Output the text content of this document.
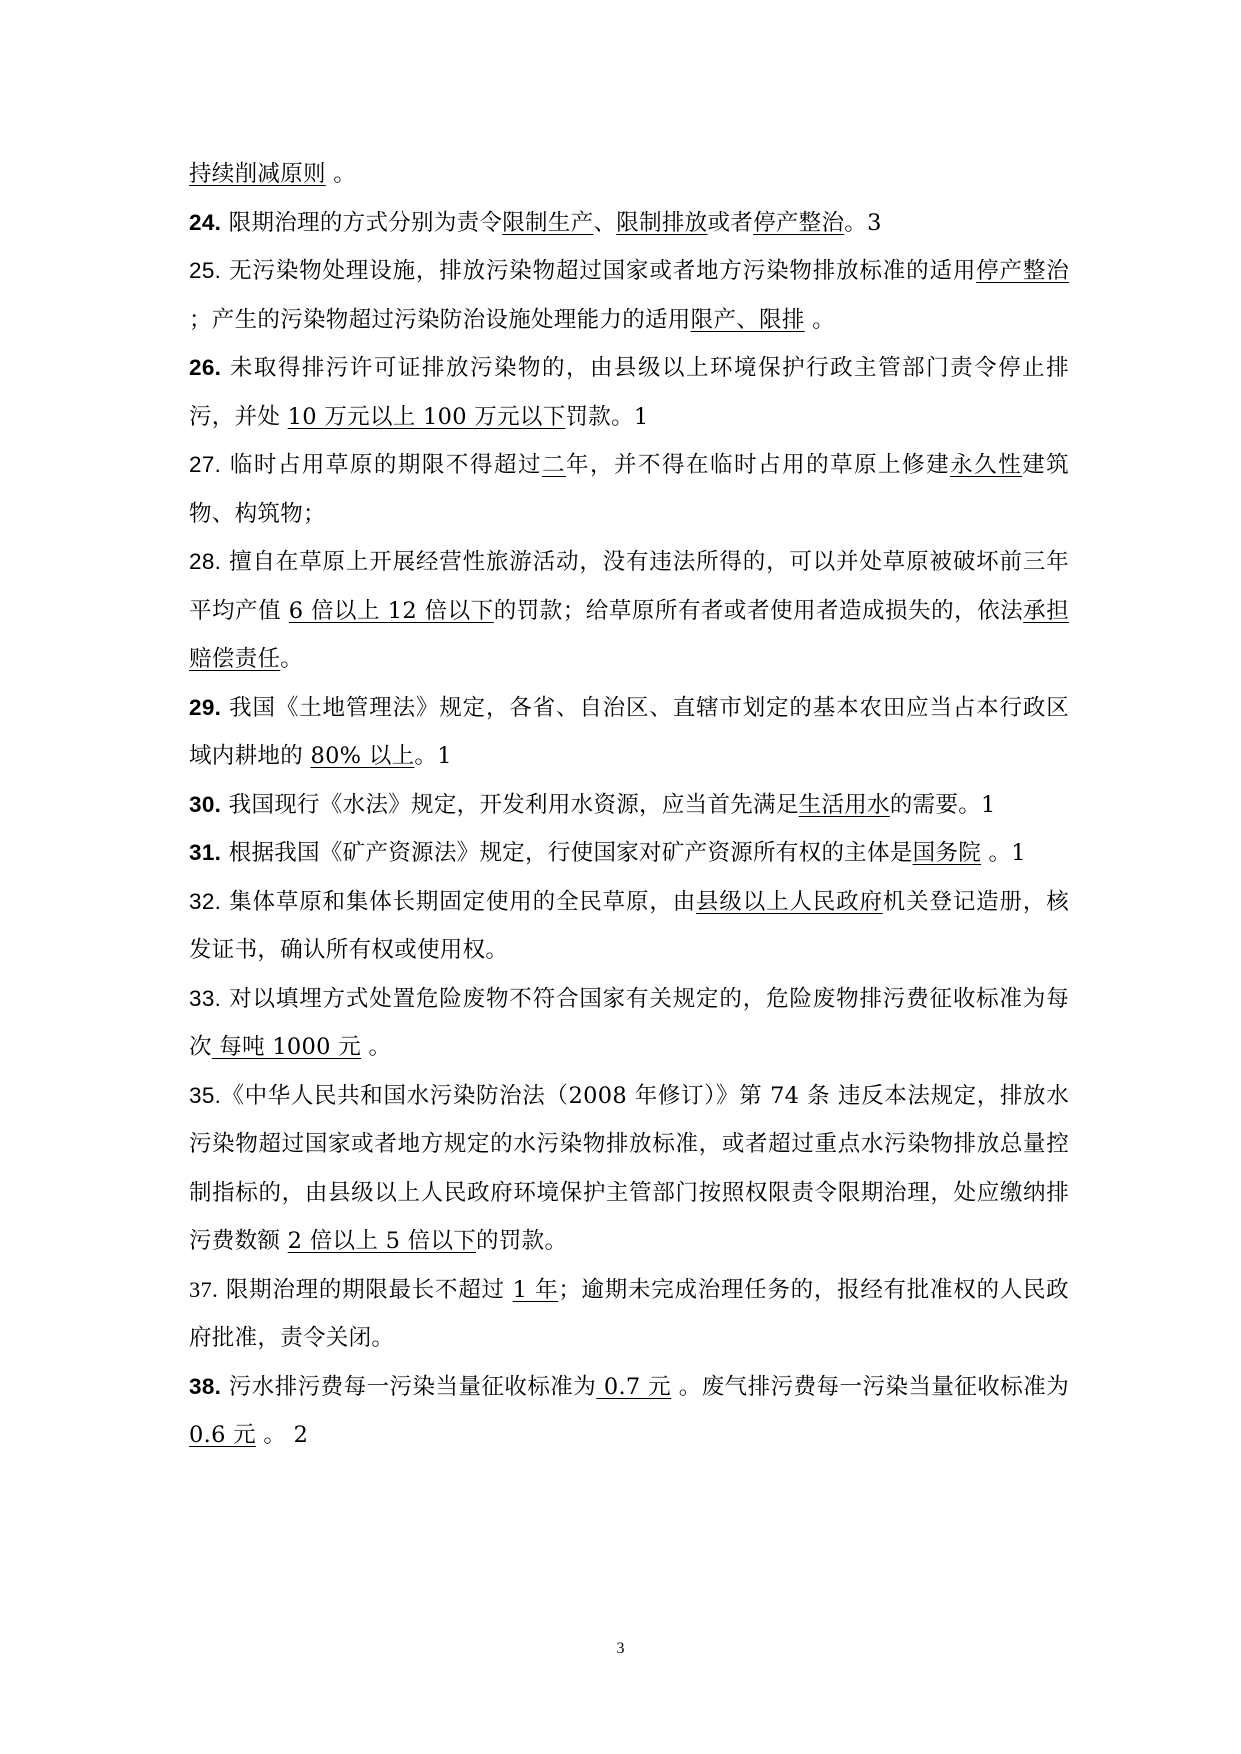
持续削减原则 。

24. 限期治理的方式分别为责令限制生产、限制排放或者停产整治。3

25. 无污染物处理设施，排放污染物超过国家或者地方污染物排放标准的适用停产整治 ；产生的污染物超过污染防治设施处理能力的适用限产、限排 。

26. 未取得排污许可证排放污染物的，由县级以上环境保护行政主管部门责令停止排污，并处 10 万元以上 100 万元以下罚款。1

27. 临时占用草原的期限不得超过二年，并不得在临时占用的草原上修建永久性建筑物、构筑物；

28. 擅自在草原上开展经营性旅游活动，没有违法所得的，可以并处草原被破坏前三年平均产值 6 倍以上 12 倍以下的罚款；给草原所有者或者使用者造成损失的，依法承担赔偿责任。

29. 我国《土地管理法》规定，各省、自治区、直辖市划定的基本农田应当占本行政区域内耕地的 80% 以上。1

30. 我国现行《水法》规定，开发利用水资源，应当首先满足生活用水的需要。1

31. 根据我国《矿产资源法》规定，行使国家对矿产资源所有权的主体是国务院 。1

32. 集体草原和集体长期固定使用的全民草原，由县级以上人民政府机关登记造册，核发证书，确认所有权或使用权。

33. 对以填埋方式处置危险废物不符合国家有关规定的，危险废物排污费征收标准为每次 每吨 1000 元 。

35.《中华人民共和国水污染防治法（2008 年修订）》第 74 条 违反本法规定，排放水污染物超过国家或者地方规定的水污染物排放标准，或者超过重点水污染物排放总量控制指标的，由县级以上人民政府环境保护主管部门按照权限责令限期治理，处应缴纳排污费数额 2 倍以上 5 倍以下的罚款。

37. 限期治理的期限最长不超过 1 年；逾期未完成治理任务的，报经有批准权的人民政府批准，责令关闭。

38. 污水排污费每一污染当量征收标准为 0.7 元 。废气排污费每一污染当量征收标准为 0.6 元 。 2

3
